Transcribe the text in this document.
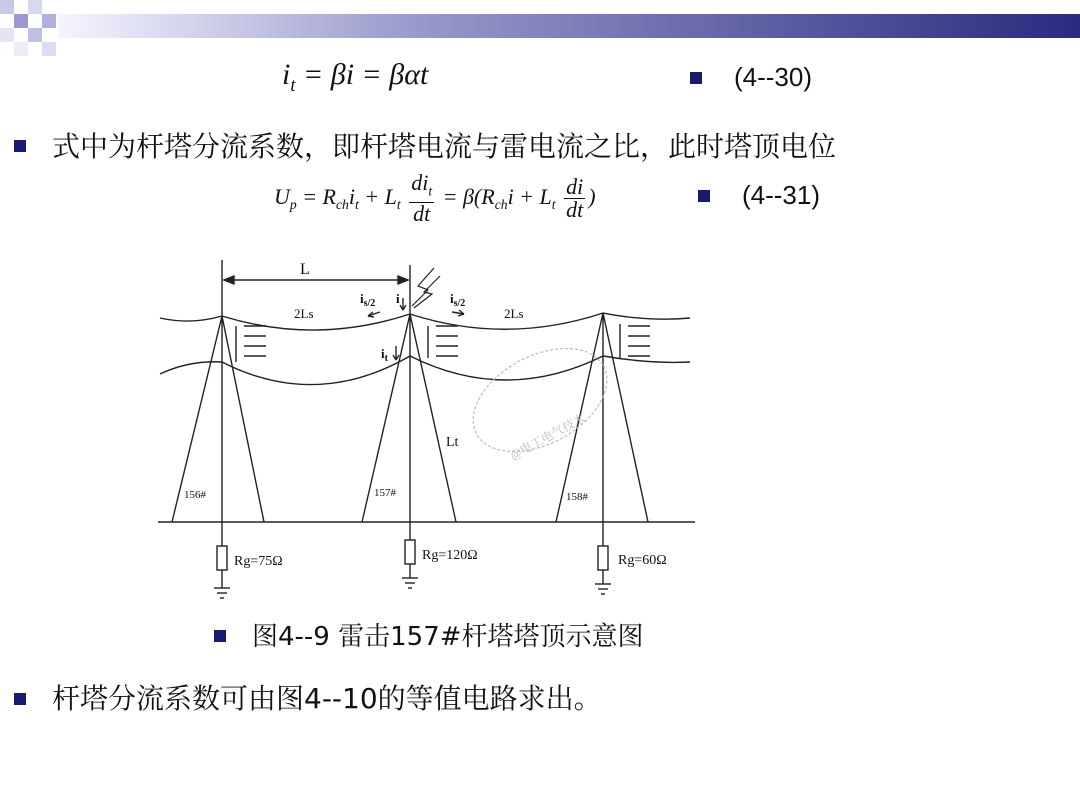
$i_t = \beta i = \beta\alpha t$	(4--30)
式中为杆塔分流系数，即杆塔电流与雷电流之比，此时塔顶电位
$U_p = R_{ch}i_t + L_t \frac{di_t}{dt} = \beta(R_{ch}i + L_t \frac{di}{dt}$ )	(4--31)
L
2Ls	2Ls
$i_{s/2}$ i	$i_{s/2}$
$i_t$
Lt
156#	157#	158#
Rg=75Ω	Rg=120Ω	Rg=60Ω
@电工电气技术
图4--9 雷击157#杆塔塔顶示意图
杆塔分流系数可由图4--10的等值电路求出。
